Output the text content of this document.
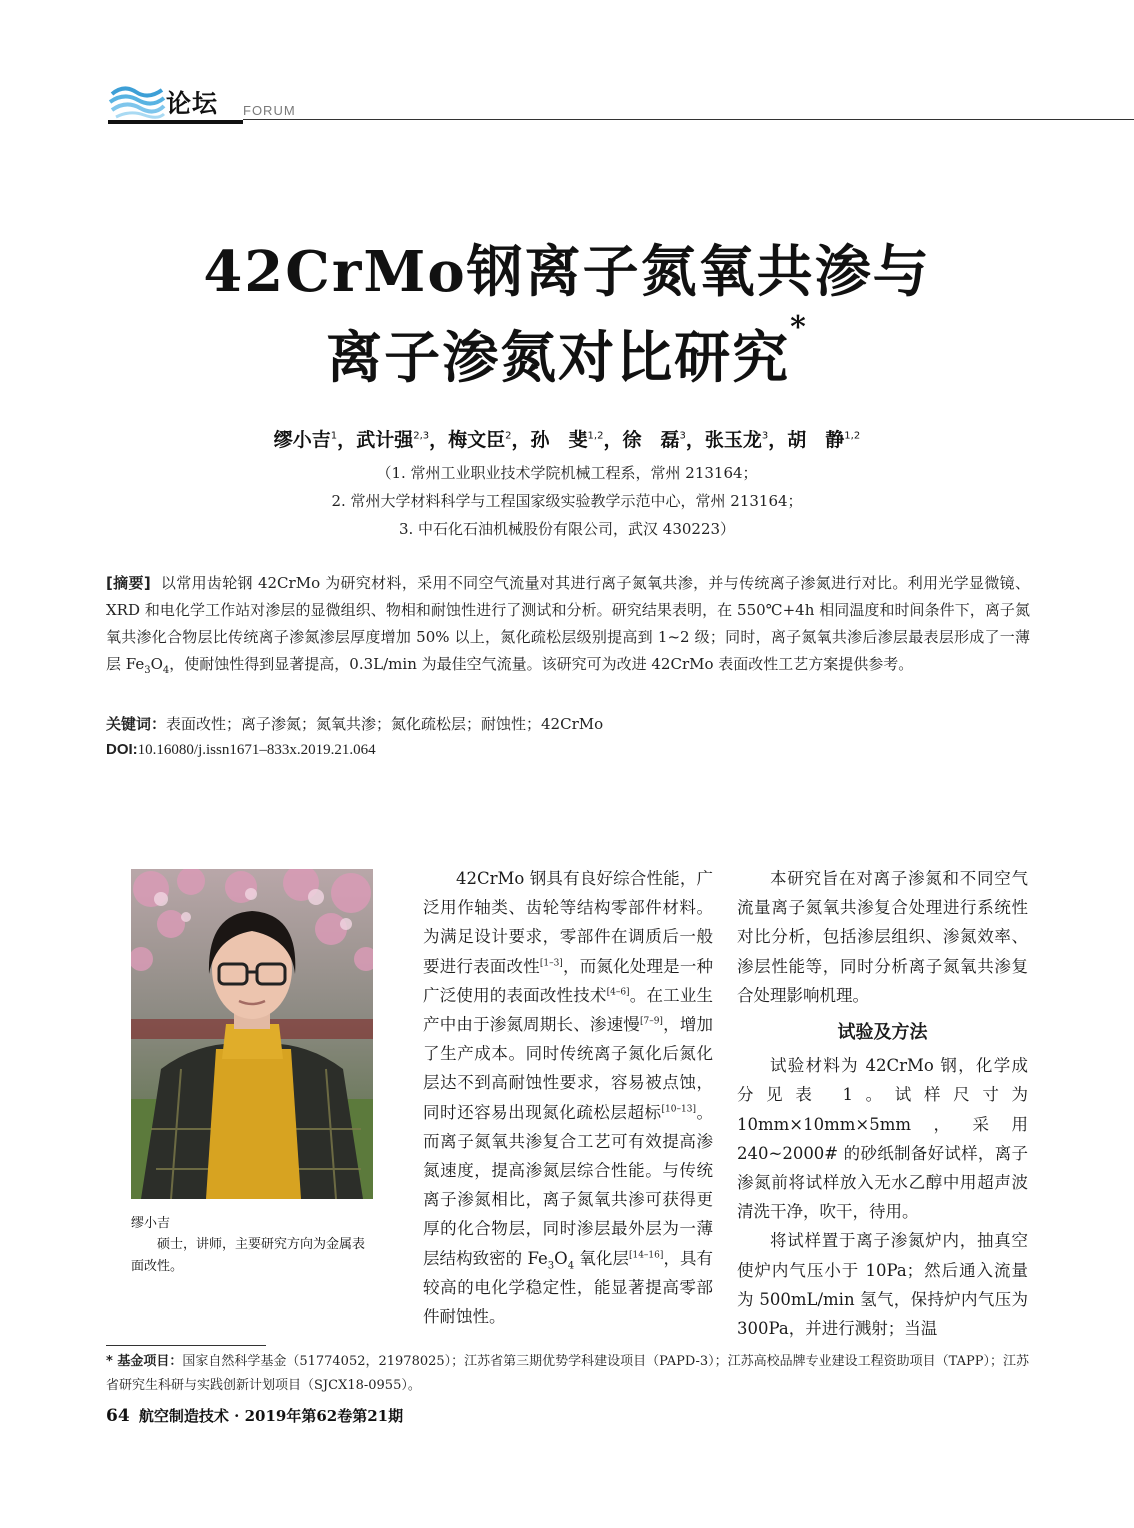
论坛 FORUM
42CrMo钢离子氮氧共渗与
离子渗氮对比研究*
缪小吉$^1$，武计强$^{2,3}$，梅文臣$^2$，孙　斐$^{1,2}$，徐　磊$^3$，张玉龙$^3$，胡　静$^{1,2}$
（1. 常州工业职业技术学院机械工程系，常州 213164；
2. 常州大学材料科学与工程国家级实验教学示范中心，常州 213164；
3. 中石化石油机械股份有限公司，武汉 430223）
[摘要] 以常用齿轮钢 42CrMo 为研究材料，采用不同空气流量对其进行离子氮氧共渗，并与传统离子渗氮进行对比。利用光学显微镜、XRD 和电化学工作站对渗层的显微组织、物相和耐蚀性进行了测试和分析。研究结果表明，在 550℃+4h 相同温度和时间条件下，离子氮氧共渗化合物层比传统离子渗氮渗层厚度增加 50% 以上，氮化疏松层级别提高到 1~2 级；同时，离子氮氧共渗后渗层最表层形成了一薄层 $Fe_3O_4$，使耐蚀性得到显著提高，0.3L/min 为最佳空气流量。该研究可为改进 42CrMo 表面改性工艺方案提供参考。
关键词：表面改性；离子渗氮；氮氧共渗；氮化疏松层；耐蚀性；42CrMo
DOI:10.16080/j.issn1671–833x.2019.21.064
缪小吉
硕士，讲师，主要研究方向为金属表面改性。

42CrMo 钢具有良好综合性能，广泛用作轴类、齿轮等结构零部件材料。为满足设计要求，零部件在调质后一般要进行表面改性[1–3]，而氮化处理是一种广泛使用的表面改性技术[4–6]。在工业生产中由于渗氮周期长、渗速慢[7–9]，增加了生产成本。同时传统离子氮化后氮化层达不到高耐蚀性要求，容易被点蚀，同时还容易出现氮化疏松层超标[10–13]。而离子氮氧共渗复合工艺可有效提高渗氮速度，提高渗氮层综合性能。与传统离子渗氮相比，离子氮氧共渗可获得更厚的化合物层，同时渗层最外层为一薄层结构致密的 $Fe_3O_4$ 氧化层[14–16]，具有较高的电化学稳定性，能显著提高零部件耐蚀性。

本研究旨在对离子渗氮和不同空气流量离子氮氧共渗复合处理进行系统性对比分析，包括渗层组织、渗氮效率、渗层性能等，同时分析离子氮氧共渗复合处理影响机理。

试验及方法

试验材料为 42CrMo 钢，化学成分见表 1。试样尺寸为 10mm×10mm×5mm，采用 240~2000# 的砂纸制备好试样，离子渗氮前将试样放入无水乙醇中用超声波清洗干净，吹干，待用。

将试样置于离子渗氮炉内，抽真空使炉内气压小于 10Pa；然后通入流量为 500mL/min 氢气，保持炉内气压为 300Pa，并进行溅射；当温

* 基金项目：国家自然科学基金（51774052，21978025）；江苏省第三期优势学科建设项目（PAPD-3）；江苏高校品牌专业建设工程资助项目（TAPP）；江苏省研究生科研与实践创新计划项目（SJCX18-0955）。
64 航空制造技术 · 2019年第62卷第21期
